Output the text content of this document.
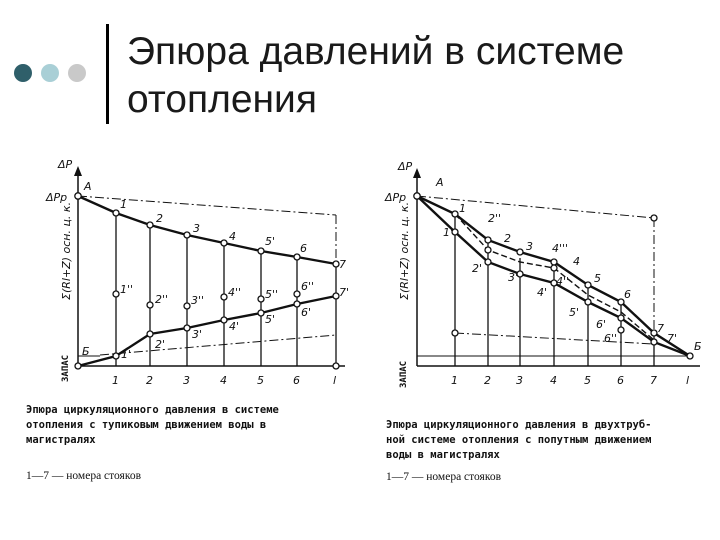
Эпюра давлений в системе
отопления
ΔP
ΔPp
A
Б
Σ(Rl+Z) осн. ц. к.
ЗАПАС
1
2
3
4	5'
6
7
1''
2'' 3''
4'' 5''
6'' 7'
1'
2'
3'
4'
5'
6'
1 2	3	4	5	6	l
Эпюра циркуляционного давления в системе
отопления с тупиковым движением воды в
магистралях
1—7 — номера стояков
ΔP
ΔPp
A
Б
Σ(Rl+Z) осн. ц. к.
ЗАПАС
1
1'
2''
2
2'
3
3'
4'''
4
4'
4'' 5
5'
6
6'
6''
7
7'
1 2 3 4 5 6 7	l
Эпюра циркуляционного давления в двухтруб-
ной системе отопления с попутным движением
воды в магистралях
1—7 — номера стояков
